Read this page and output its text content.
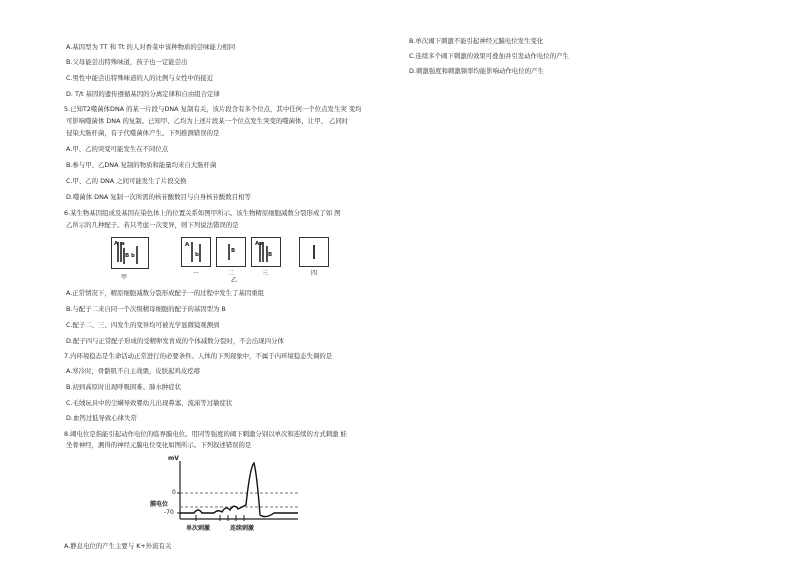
A.基因型为 TT 和 Tt 的人对香菜中该种物质的尝味能力相同
B.父母能尝出特殊味道，孩子也一定能尝出
C.男性中能尝出特殊味道的人的比例与女性中的接近
D. T/t 基因的遗传遵循基因的分离定律和自由组合定律
5.已知T2噬菌体DNA 的某一片段与DNA 复制有关，该片段含有多个位点，其中任何一个位点发生突 变均
可影响噬菌体 DNA 的复制。已知甲、乙均为上述片段某一个位点发生突变的噬菌体，让甲、 乙同时
侵染大肠杆菌，有子代噬菌体产生。下列推测错误的是
A.甲、乙的突变可能发生在不同位点
B.参与甲、乙DNA 复制的物质和能量均来自大肠杆菌
C.甲、乙的 DNA 之间可能发生了片段交换
D.噬菌体 DNA 复制一次所需的核苷酸数目与自身核苷酸数目相等
6.某生物基因组成及基因在染色体上的位置关系如图甲所示。该生物精原细胞减数分裂形成了如 图
乙所示的几种配子。若只考虑一次变异，则下列说法错误的是
A a
B b
甲
A
b
B
A a
B
一	二
乙
三	四
A.正常情况下，精原细胞减数分裂形成配子一的过程中发生了基因重组
B.与配子二来自同一个次级精母细胞的配子的基因型为 B
C.配子二、三、四发生的变异均可被光学显微镜观测到
D.配子四与正常配子形成的受精卵发育成的个体减数分裂时，不会出现四分体
7.内环境稳态是生命活动正常进行的必要条件。人体的下列现象中，不属于内环境稳态失调的是
A.寒冷时，骨骼肌不自主战栗，皮肤起鸡皮疙瘩
B.初到高原时出现呼吸困难、肺水肿症状
C.毛绒玩具中的尘螨导致婴幼儿出现鼻塞、流涕等过敏症状
D.血钙过低导致心律失常
8.阈电位是指能引起动作电位的临界膜电位。用同等强度的阈下刺激分别以单次和连续的方式刺激 蛙
坐骨神经，测得的神经元膜电位变化如图所示。下列叙述错误的是
mV
0
-70
膜电位
单次刺激	连续刺激
A.静息电位的产生主要与 K+外流有关
B.单次阈下刺激不能引起神经元膜电位发生变化
C.连续多个阈下刺激的效果可叠加并引发动作电位的产生
D.刺激强度和刺激频率均能影响动作电位的产生
